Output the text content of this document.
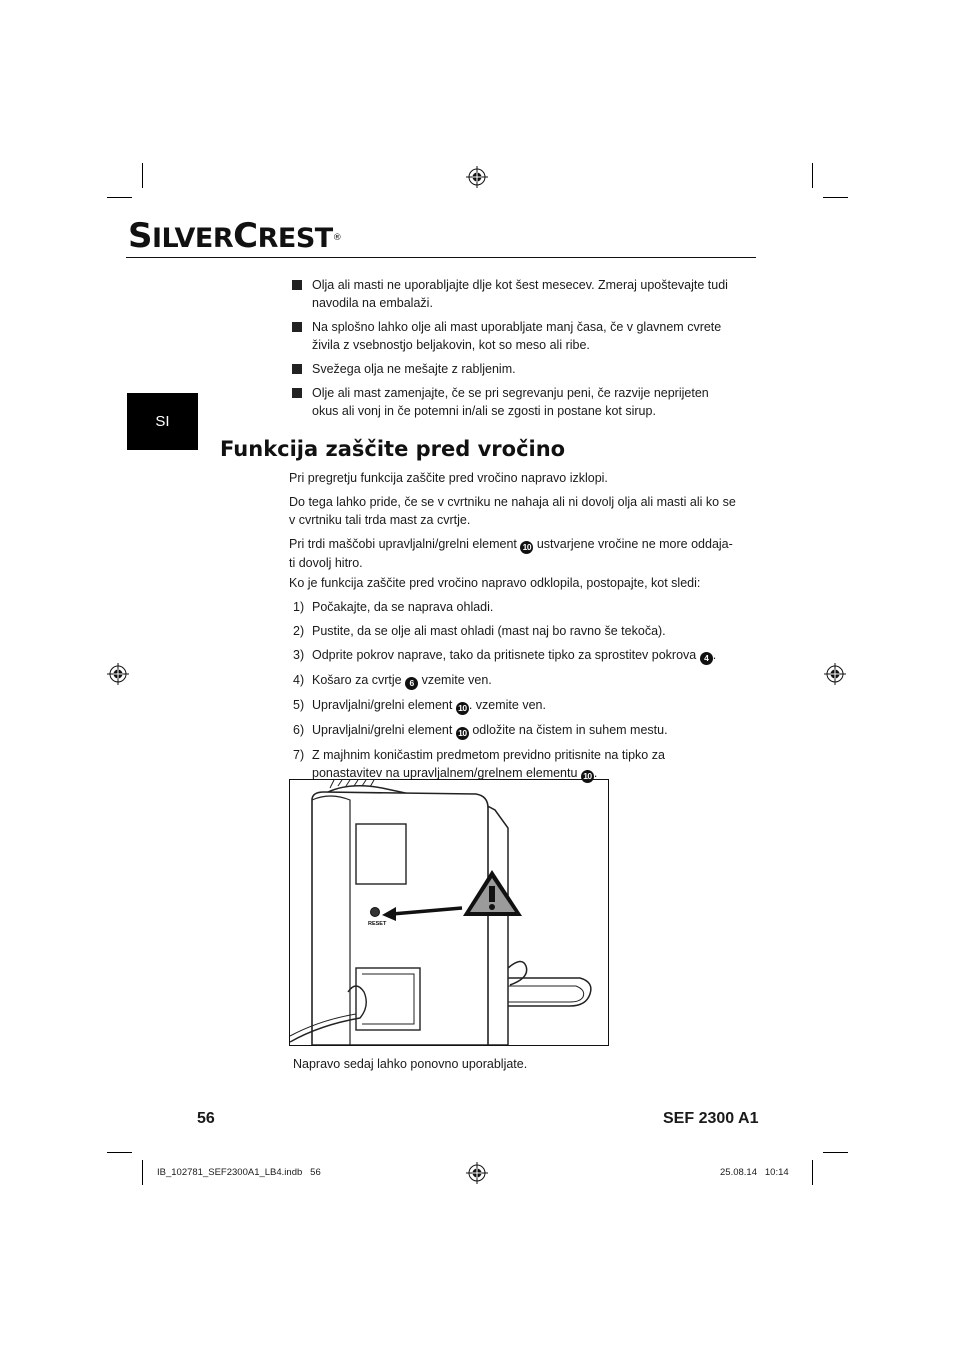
SILVERCREST®
SI
Olja ali masti ne uporabljajte dlje kot šest mesecev. Zmeraj upoštevajte tudi navodila na embalaži.
Na splošno lahko olje ali mast uporabljate manj časa, če v glavnem cvrete živila z vsebnostjo beljakovin, kot so meso ali ribe.
Svežega olja ne mešajte z rabljenim.
Olje ali mast zamenjajte, če se pri segrevanju peni, če razvije neprijeten okus ali vonj in če potemni in/ali se zgosti in postane kot sirup.
Funkcija zaščite pred vročino

Pri pregretju funkcija zaščite pred vročino napravo izklopi.

Do tega lahko pride, če se v cvrtniku ne nahaja ali ni dovolj olja ali masti ali ko se v cvrtniku tali trda mast za cvrtje.

Pri trdi maščobi upravljalni/grelni element 10 ustvarjene vročine ne more oddaja-ti dovolj hitro.

Ko je funkcija zaščite pred vročino napravo odklopila, postopajte, kot sledi:

1) Počakajte, da se naprava ohladi.
2) Pustite, da se olje ali mast ohladi (mast naj bo ravno še tekoča).
3) Odprite pokrov naprave, tako da pritisnete tipko za sprostitev pokrova 4 .
4) Košaro za cvrtje 6 vzemite ven.
5) Upravljalni/grelni element 10 . vzemite ven.
6) Upravljalni/grelni element 10 odložite na čistem in suhem mestu.
7) Z majhnim koničastim predmetom previdno pritisnite na tipko za ponastavitev na upravljalnem/grelnem elementu 10 .
RESET
Napravo sedaj lahko ponovno uporabljate.
56	SEF 2300 A1
IB_102781_SEF2300A1_LB4.indb   56	25.08.14   10:14
